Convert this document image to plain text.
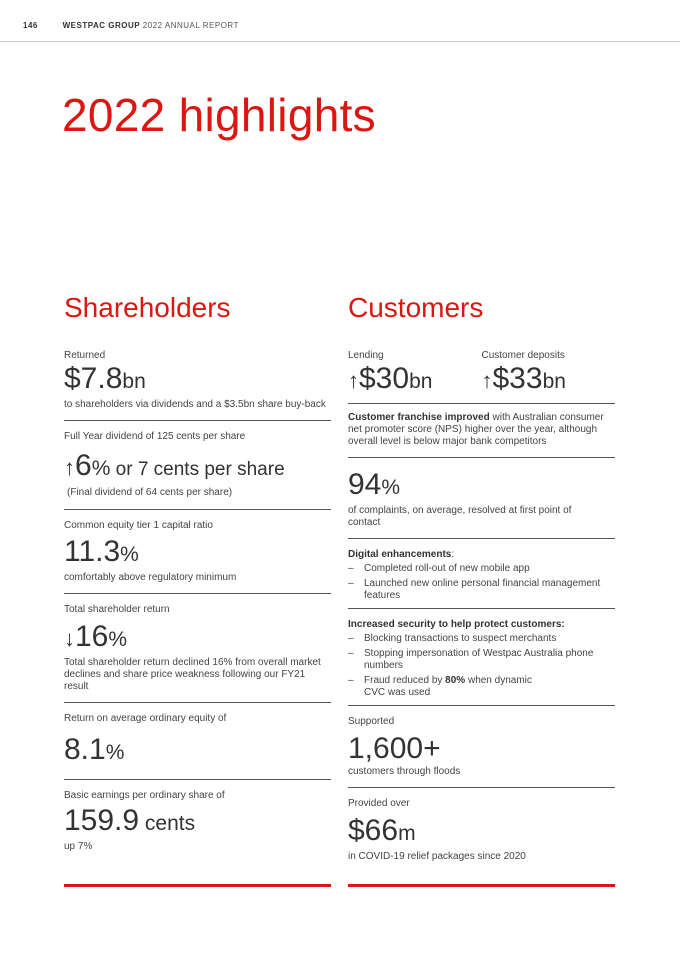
146	WESTPAC GROUP 2022 ANNUAL REPORT
2022 highlights
Shareholders
Returned
$7.8bn
to shareholders via dividends and a $3.5bn share buy-back
Full Year dividend of 125 cents per share
↑6% or 7 cents per share
(Final dividend of 64 cents per share)
Common equity tier 1 capital ratio
11.3%
comfortably above regulatory minimum
Total shareholder return
↓16%
Total shareholder return declined 16% from overall market declines and share price weakness following our FY21 result
Return on average ordinary equity of
8.1%
Basic earnings per ordinary share of
159.9 cents
up 7%
Customers
Lending
↑$30bn
Customer deposits
↑$33bn
Customer franchise improved with Australian consumer net promoter score (NPS) higher over the year, although overall level is below major bank competitors
94%
of complaints, on average, resolved at first point of contact
Digital enhancements:
– Completed roll-out of new mobile app
– Launched new online personal financial management features
Increased security to help protect customers:
– Blocking transactions to suspect merchants
– Stopping impersonation of Westpac Australia phone numbers
– Fraud reduced by 80% when dynamic CVC was used
Supported
1,600+
customers through floods
Provided over
$66m
in COVID-19 relief packages since 2020
